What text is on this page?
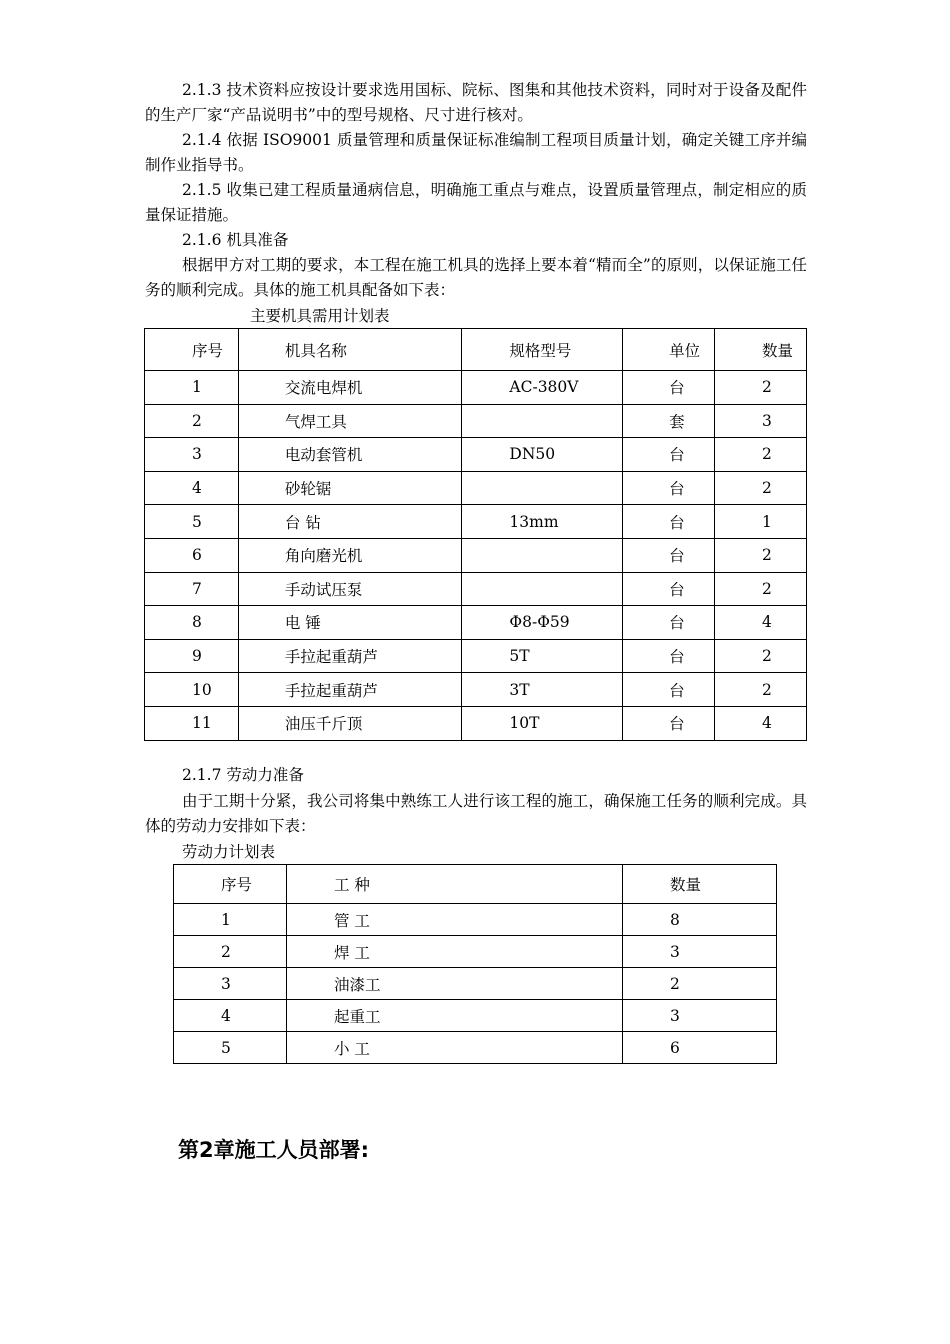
2.1.3 技术资料应按设计要求选用国标、院标、图集和其他技术资料，同时对于设备及配件的生产厂家“产品说明书”中的型号规格、尺寸进行核对。

2.1.4 依据 ISO9001 质量管理和质量保证标准编制工程项目质量计划，确定关键工序并编制作业指导书。

2.1.5 收集已建工程质量通病信息，明确施工重点与难点，设置质量管理点，制定相应的质量保证措施。

2.1.6 机具准备

根据甲方对工期的要求，本工程在施工机具的选择上要本着“精而全”的原则，以保证施工任务的顺利完成。具体的施工机具配备如下表：

主要机具需用计划表
序号	机具名称	规格型号	单位	数量
1	交流电焊机	AC-380V	台	2
2	气焊工具		套	3
3	电动套管机	DN50	台	2
4	砂轮锯		台	2
5	台 钻	13mm	台	1
6	角向磨光机		台	2
7	手动试压泵		台	2
8	电 锤	Φ8-Φ59	台	4
9	手拉起重葫芦	5T	台	2
10	手拉起重葫芦	3T	台	2
11	油压千斤顶	10T	台	4

2.1.7 劳动力准备

由于工期十分紧，我公司将集中熟练工人进行该工程的施工，确保施工任务的顺利完成。具体的劳动力安排如下表：

劳动力计划表
序号	工 种	数量
1	管 工	8
2	焊 工	3
3	油漆工	2
4	起重工	3
5	小 工	6
第2章施工人员部署:
